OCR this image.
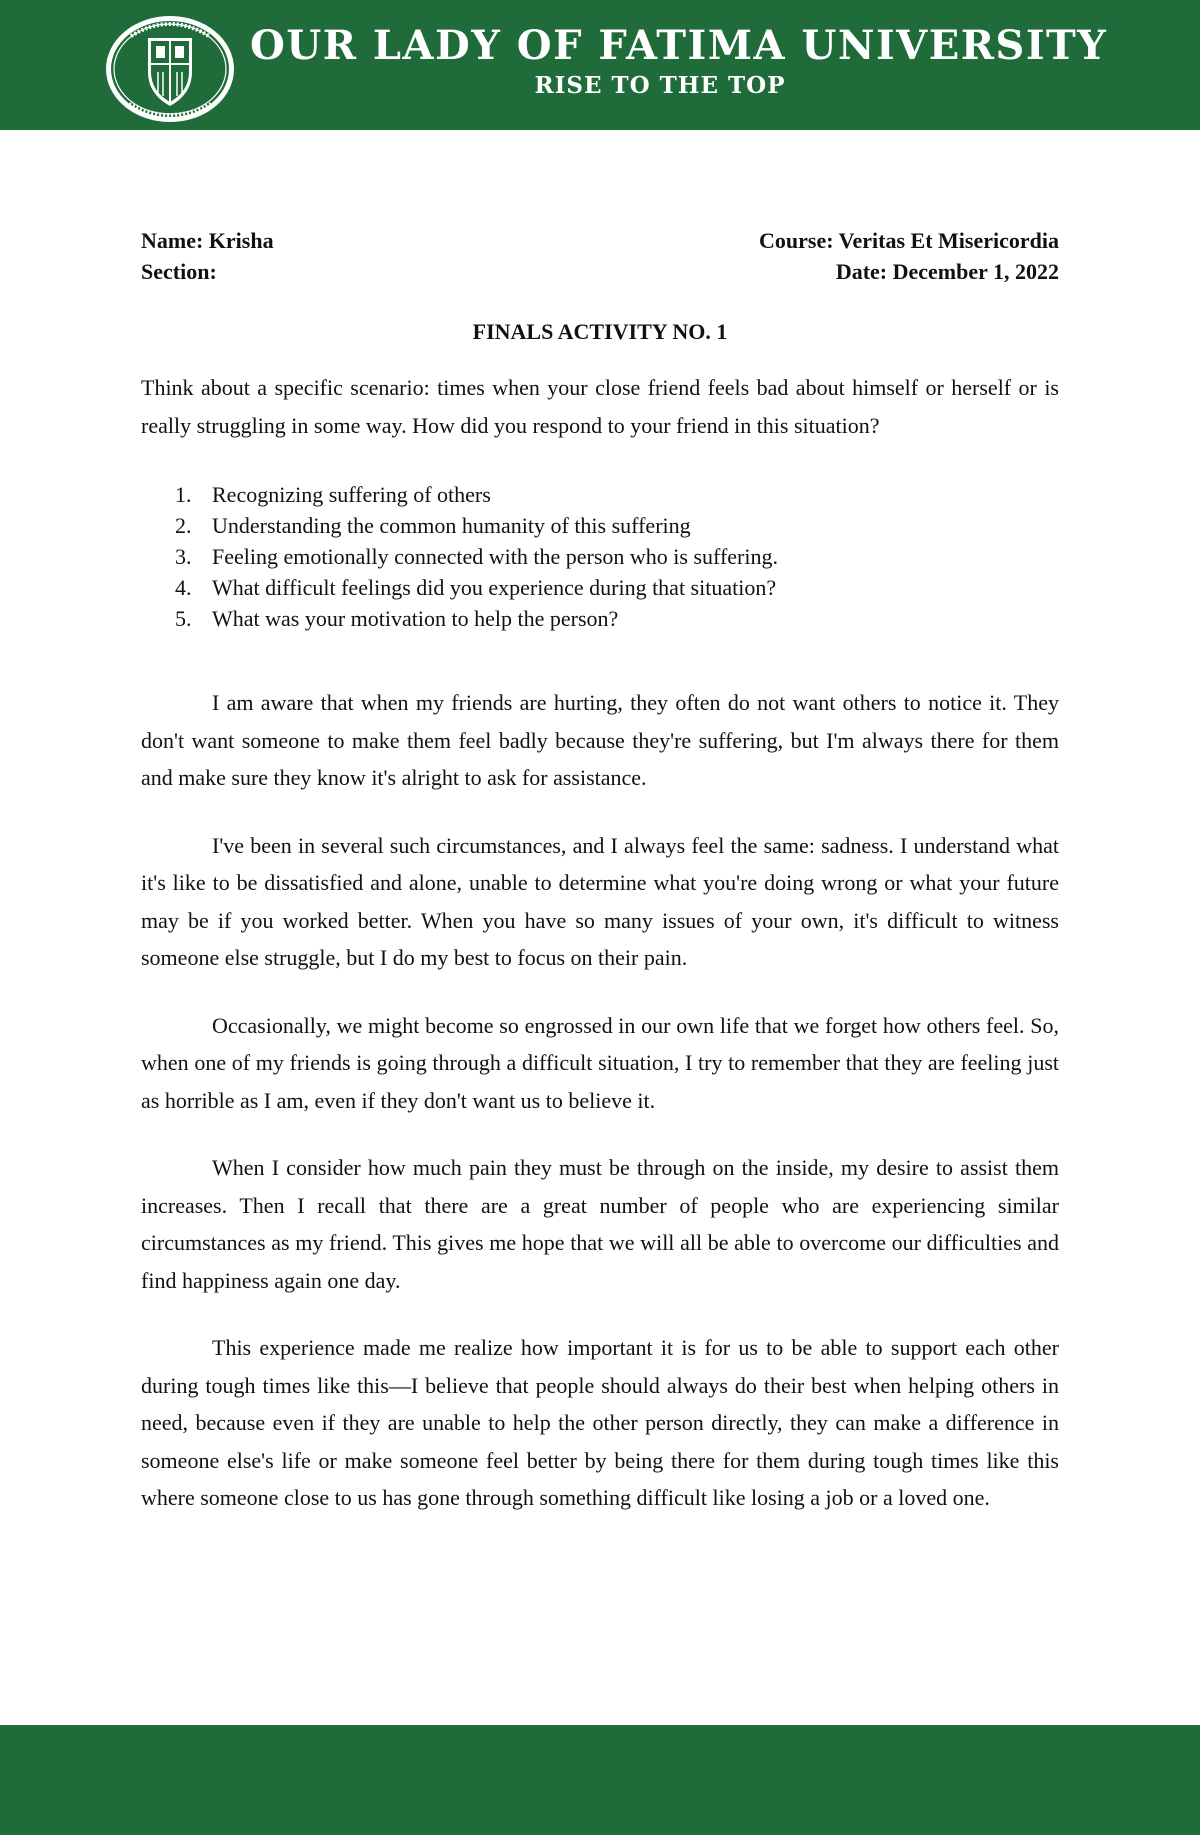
OUR LADY OF FATIMA UNIVERSITY
RISE TO THE TOP
Name: Krisha	Course: Veritas Et Misericordia
Section:	Date: December 1, 2022
FINALS ACTIVITY NO. 1

Think about a specific scenario: times when your close friend feels bad about himself or herself or is really struggling in some way. How did you respond to your friend in this situation?

1. Recognizing suffering of others
2. Understanding the common humanity of this suffering
3. Feeling emotionally connected with the person who is suffering.
4. What difficult feelings did you experience during that situation?
5. What was your motivation to help the person?

I am aware that when my friends are hurting, they often do not want others to notice it. They don't want someone to make them feel badly because they're suffering, but I'm always there for them and make sure they know it's alright to ask for assistance.

I've been in several such circumstances, and I always feel the same: sadness. I understand what it's like to be dissatisfied and alone, unable to determine what you're doing wrong or what your future may be if you worked better. When you have so many issues of your own, it's difficult to witness someone else struggle, but I do my best to focus on their pain.

Occasionally, we might become so engrossed in our own life that we forget how others feel. So, when one of my friends is going through a difficult situation, I try to remember that they are feeling just as horrible as I am, even if they don't want us to believe it.

When I consider how much pain they must be through on the inside, my desire to assist them increases. Then I recall that there are a great number of people who are experiencing similar circumstances as my friend. This gives me hope that we will all be able to overcome our difficulties and find happiness again one day.

This experience made me realize how important it is for us to be able to support each other during tough times like this—I believe that people should always do their best when helping others in need, because even if they are unable to help the other person directly, they can make a difference in someone else's life or make someone feel better by being there for them during tough times like this where someone close to us has gone through something difficult like losing a job or a loved one.
